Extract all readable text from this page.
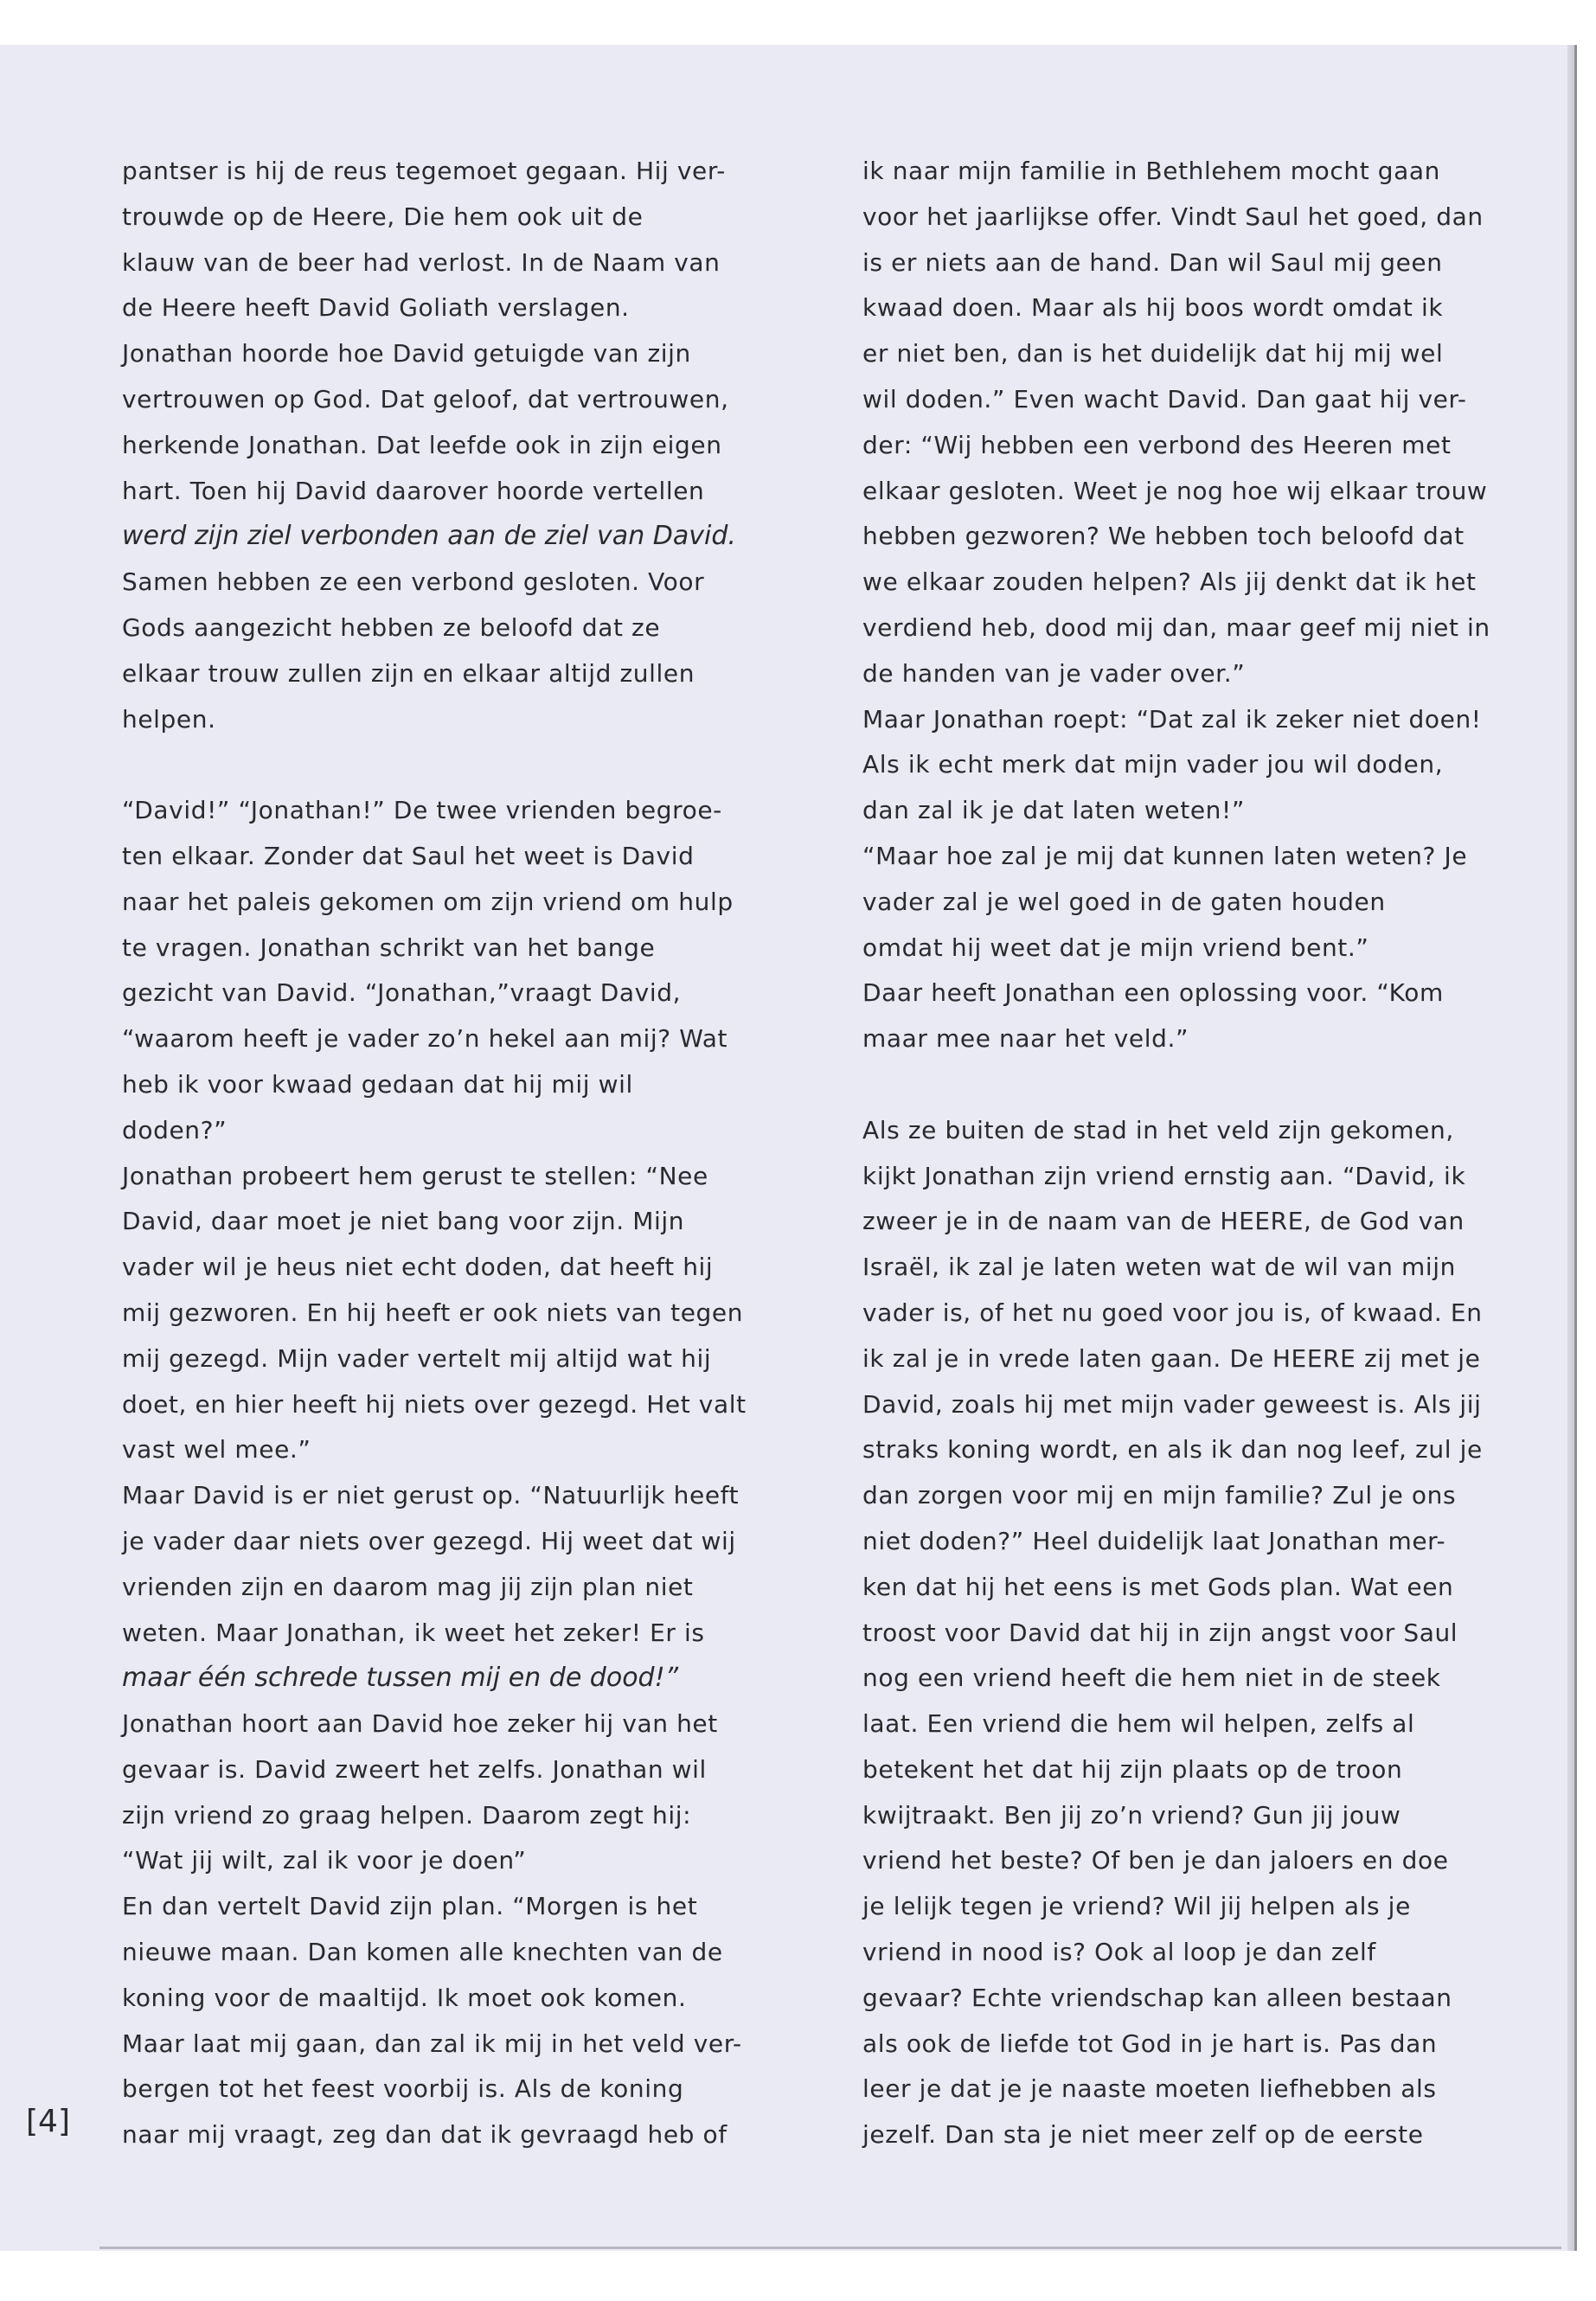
pantser is hij de reus tegemoet gegaan. Hij ver-

trouwde op de Heere, Die hem ook uit de

klauw van de beer had verlost. In de Naam van

de Heere heeft David Goliath verslagen.

Jonathan hoorde hoe David getuigde van zijn

vertrouwen op God. Dat geloof, dat vertrouwen,

herkende Jonathan. Dat leefde ook in zijn eigen

hart. Toen hij David daarover hoorde vertellen

werd zijn ziel verbonden aan de ziel van David.

Samen hebben ze een verbond gesloten. Voor

Gods aangezicht hebben ze beloofd dat ze

elkaar trouw zullen zijn en elkaar altijd zullen

helpen.

“David!” “Jonathan!” De twee vrienden begroe-

ten elkaar. Zonder dat Saul het weet is David

naar het paleis gekomen om zijn vriend om hulp

te vragen. Jonathan schrikt van het bange

gezicht van David. “Jonathan,”vraagt David,

“waarom heeft je vader zo’n hekel aan mij? Wat

heb ik voor kwaad gedaan dat hij mij wil

doden?”

Jonathan probeert hem gerust te stellen: “Nee

David, daar moet je niet bang voor zijn. Mijn

vader wil je heus niet echt doden, dat heeft hij

mij gezworen. En hij heeft er ook niets van tegen

mij gezegd. Mijn vader vertelt mij altijd wat hij

doet, en hier heeft hij niets over gezegd. Het valt

vast wel mee.”

Maar David is er niet gerust op. “Natuurlijk heeft

je vader daar niets over gezegd. Hij weet dat wij

vrienden zijn en daarom mag jij zijn plan niet

weten. Maar Jonathan, ik weet het zeker! Er is

maar één schrede tussen mij en de dood!”

Jonathan hoort aan David hoe zeker hij van het

gevaar is. David zweert het zelfs. Jonathan wil

zijn vriend zo graag helpen. Daarom zegt hij:

“Wat jij wilt, zal ik voor je doen”

En dan vertelt David zijn plan. “Morgen is het

nieuwe maan. Dan komen alle knechten van de

koning voor de maaltijd. Ik moet ook komen.

Maar laat mij gaan, dan zal ik mij in het veld ver-

bergen tot het feest voorbij is. Als de koning

naar mij vraagt, zeg dan dat ik gevraagd heb of

ik naar mijn familie in Bethlehem mocht gaan

voor het jaarlijkse offer. Vindt Saul het goed, dan

is er niets aan de hand. Dan wil Saul mij geen

kwaad doen. Maar als hij boos wordt omdat ik

er niet ben, dan is het duidelijk dat hij mij wel

wil doden.” Even wacht David. Dan gaat hij ver-

der: “Wij hebben een verbond des Heeren met

elkaar gesloten. Weet je nog hoe wij elkaar trouw

hebben gezworen? We hebben toch beloofd dat

we elkaar zouden helpen? Als jij denkt dat ik het

verdiend heb, dood mij dan, maar geef mij niet in

de handen van je vader over.”

Maar Jonathan roept: “Dat zal ik zeker niet doen!

Als ik echt merk dat mijn vader jou wil doden,

dan zal ik je dat laten weten!”

“Maar hoe zal je mij dat kunnen laten weten? Je

vader zal je wel goed in de gaten houden

omdat hij weet dat je mijn vriend bent.”

Daar heeft Jonathan een oplossing voor. “Kom

maar mee naar het veld.”

Als ze buiten de stad in het veld zijn gekomen,

kijkt Jonathan zijn vriend ernstig aan. “David, ik

zweer je in de naam van de HEERE, de God van

Israël, ik zal je laten weten wat de wil van mijn

vader is, of het nu goed voor jou is, of kwaad. En

ik zal je in vrede laten gaan. De HEERE zij met je

David, zoals hij met mijn vader geweest is. Als jij

straks koning wordt, en als ik dan nog leef, zul je

dan zorgen voor mij en mijn familie? Zul je ons

niet doden?” Heel duidelijk laat Jonathan mer-

ken dat hij het eens is met Gods plan. Wat een

troost voor David dat hij in zijn angst voor Saul

nog een vriend heeft die hem niet in de steek

laat. Een vriend die hem wil helpen, zelfs al

betekent het dat hij zijn plaats op de troon

kwijtraakt. Ben jij zo’n vriend? Gun jij jouw

vriend het beste? Of ben je dan jaloers en doe

je lelijk tegen je vriend? Wil jij helpen als je

vriend in nood is? Ook al loop je dan zelf

gevaar? Echte vriendschap kan alleen bestaan

als ook de liefde tot God in je hart is. Pas dan

leer je dat je je naaste moeten liefhebben als

jezelf. Dan sta je niet meer zelf op de eerste

[4]
